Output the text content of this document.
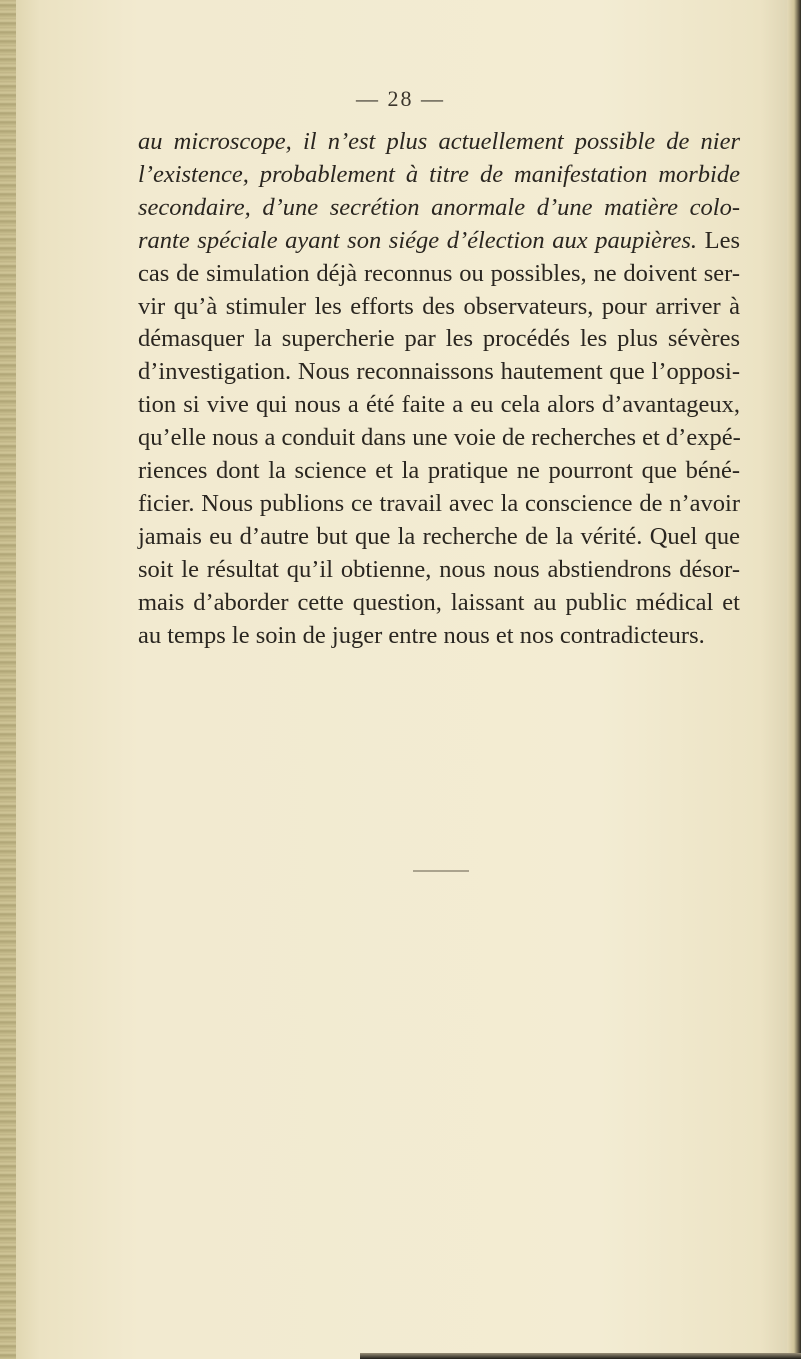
— 28 —
au microscope, il n’est plus actuellement possible de nier
l’existence, probablement à titre de manifestation morbide
secondaire, d’une secrétion anormale d’une matière colo-
rante spéciale ayant son siége d’élection aux paupières. Les
cas de simulation déjà reconnus ou possibles, ne doivent ser-
vir qu’à stimuler les efforts des observateurs, pour arriver à
démasquer la supercherie par les procédés les plus sévères
d’investigation. Nous reconnaissons hautement que l’opposi-
tion si vive qui nous a été faite a eu cela alors d’avantageux,
qu’elle nous a conduit dans une voie de recherches et d’expé-
riences dont la science et la pratique ne pourront que béné-
ficier. Nous publions ce travail avec la conscience de n’avoir
jamais eu d’autre but que la recherche de la vérité. Quel que
soit le résultat qu’il obtienne, nous nous abstiendrons désor-
mais d’aborder cette question, laissant au public médical et
au temps le soin de juger entre nous et nos contradicteurs.
